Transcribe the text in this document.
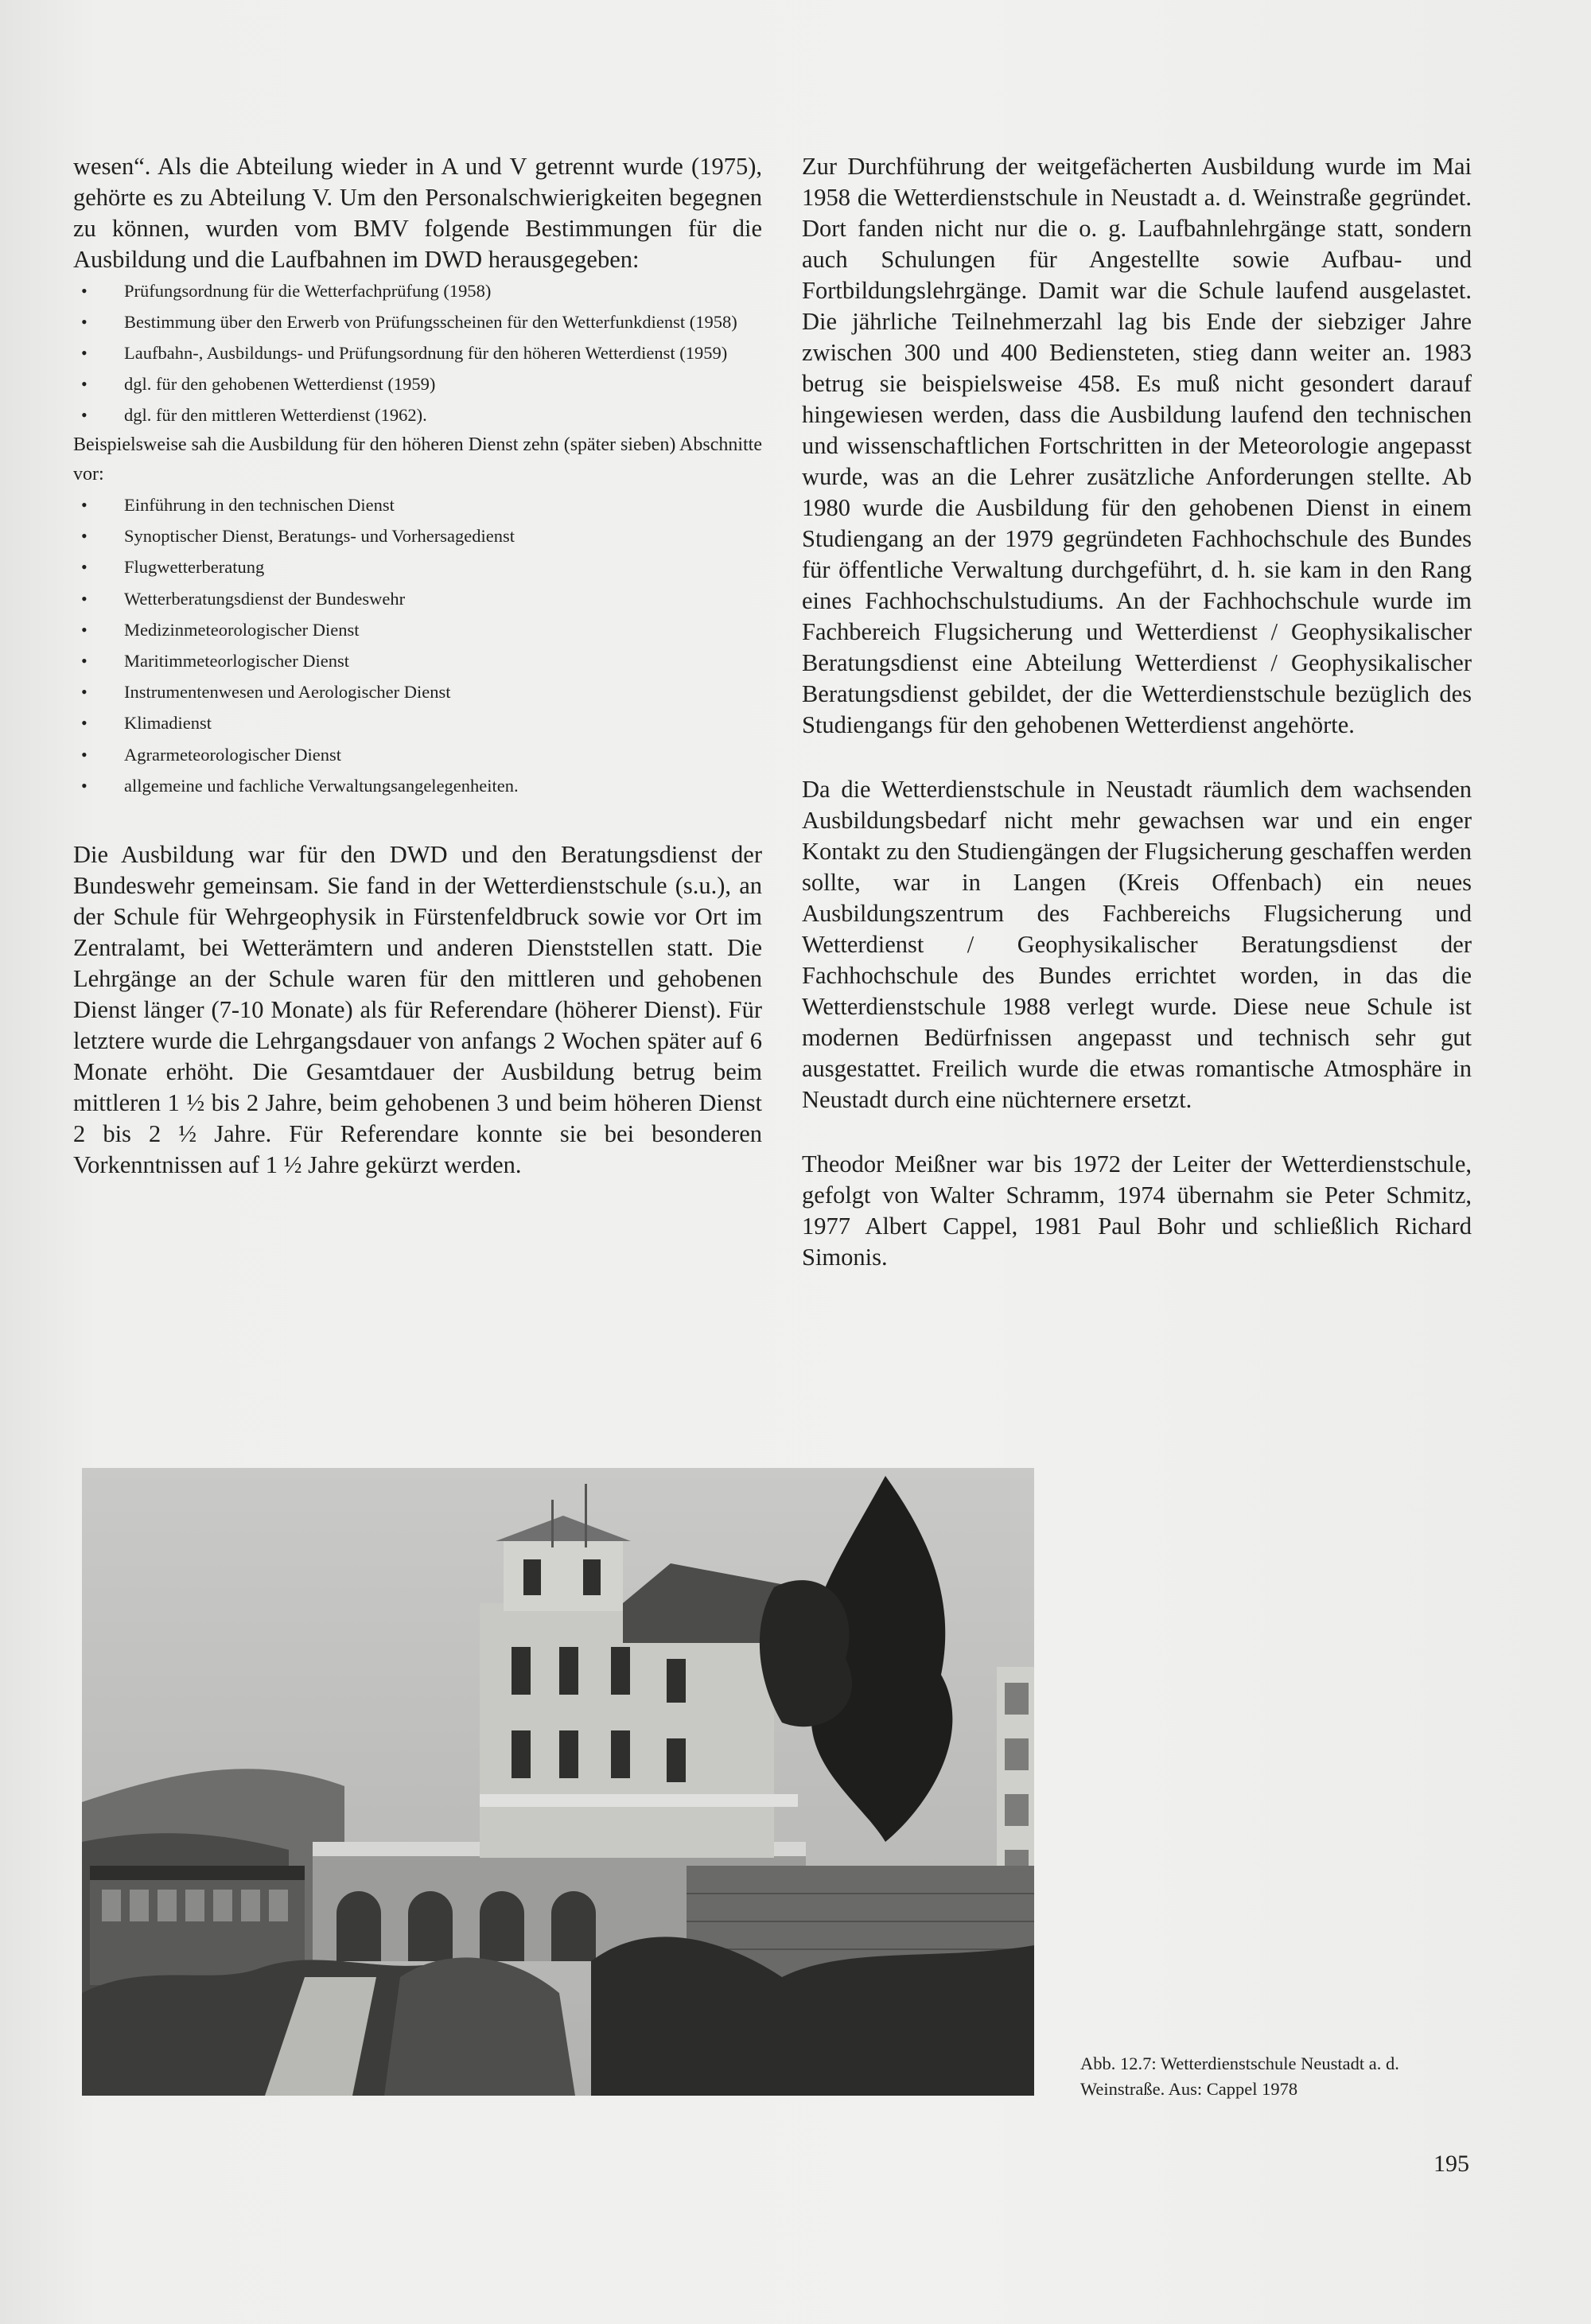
wesen“. Als die Abteilung wieder in A und V getrennt wurde (1975), gehörte es zu Abteilung V. Um den Personalschwierigkeiten begegnen zu können, wurden vom BMV folgende Bestimmungen für die Ausbildung und die Laufbahnen im DWD herausgegeben:

• Prüfungsordnung für die Wetterfachprüfung (1958)
• Bestimmung über den Erwerb von Prüfungsscheinen für den Wetterfunkdienst (1958)
• Laufbahn-, Ausbildungs- und Prüfungsordnung für den höheren Wetterdienst (1959)
• dgl. für den gehobenen Wetterdienst (1959)
• dgl. für den mittleren Wetterdienst (1962).

Beispielsweise sah die Ausbildung für den höheren Dienst zehn (später sieben) Abschnitte vor:

• Einführung in den technischen Dienst
• Synoptischer Dienst, Beratungs- und Vorhersagedienst
• Flugwetterberatung
• Wetterberatungsdienst der Bundeswehr
• Medizinmeteorologischer Dienst
• Maritimmeteorlogischer Dienst
• Instrumentenwesen und Aerologischer Dienst
• Klimadienst
• Agrarmeteorologischer Dienst
• allgemeine und fachliche Verwaltungsangelegenheiten.

Die Ausbildung war für den DWD und den Beratungsdienst der Bundeswehr gemeinsam. Sie fand in der Wetterdienstschule (s.u.), an der Schule für Wehrgeophysik in Fürstenfeldbruck sowie vor Ort im Zentralamt, bei Wetterämtern und anderen Dienststellen statt. Die Lehrgänge an der Schule waren für den mittleren und gehobenen Dienst länger (7-10 Monate) als für Referendare (höherer Dienst). Für letztere wurde die Lehrgangsdauer von anfangs 2 Wochen später auf 6 Monate erhöht. Die Gesamtdauer der Ausbildung betrug beim mittleren 1 ½ bis 2 Jahre, beim gehobenen 3 und beim höheren Dienst 2 bis 2 ½ Jahre. Für Referendare konnte sie bei besonderen Vorkenntnissen auf 1 ½ Jahre gekürzt werden.

Zur Durchführung der weitgefächerten Ausbildung wurde im Mai 1958 die Wetterdienstschule in Neustadt a. d. Weinstraße gegründet. Dort fanden nicht nur die o. g. Laufbahnlehrgänge statt, sondern auch Schulungen für Angestellte sowie Aufbau- und Fortbildungslehrgänge. Damit war die Schule laufend ausgelastet. Die jährliche Teilnehmerzahl lag bis Ende der siebziger Jahre zwischen 300 und 400 Bediensteten, stieg dann weiter an. 1983 betrug sie beispielsweise 458. Es muß nicht gesondert darauf hingewiesen werden, dass die Ausbildung laufend den technischen und wissenschaftlichen Fortschritten in der Meteorologie angepasst wurde, was an die Lehrer zusätzliche Anforderungen stellte. Ab 1980 wurde die Ausbildung für den gehobenen Dienst in einem Studiengang an der 1979 gegründeten Fachhochschule des Bundes für öffentliche Verwaltung durchgeführt, d. h. sie kam in den Rang eines Fachhochschulstudiums. An der Fachhochschule wurde im Fachbereich Flugsicherung und Wetterdienst / Geophysikalischer Beratungsdienst eine Abteilung Wetterdienst / Geophysikalischer Beratungsdienst gebildet, der die Wetterdienstschule bezüglich des Studiengangs für den gehobenen Wetterdienst angehörte.

Da die Wetterdienstschule in Neustadt räumlich dem wachsenden Ausbildungsbedarf nicht mehr gewachsen war und ein enger Kontakt zu den Studiengängen der Flugsicherung geschaffen werden sollte, war in Langen (Kreis Offenbach) ein neues Ausbildungszentrum des Fachbereichs Flugsicherung und Wetterdienst / Geophysikalischer Beratungsdienst der Fachhochschule des Bundes errichtet worden, in das die Wetterdienstschule 1988 verlegt wurde. Diese neue Schule ist modernen Bedürfnissen angepasst und technisch sehr gut ausgestattet. Freilich wurde die etwas romantische Atmosphäre in Neustadt durch eine nüchternere ersetzt.

Theodor Meißner war bis 1972 der Leiter der Wetterdienstschule, gefolgt von Walter Schramm, 1974 übernahm sie Peter Schmitz, 1977 Albert Cappel, 1981 Paul Bohr und schließlich Richard Simonis.

Abb. 12.7: Wetterdienstschule Neustadt a. d. Weinstraße. Aus: Cappel 1978
195
